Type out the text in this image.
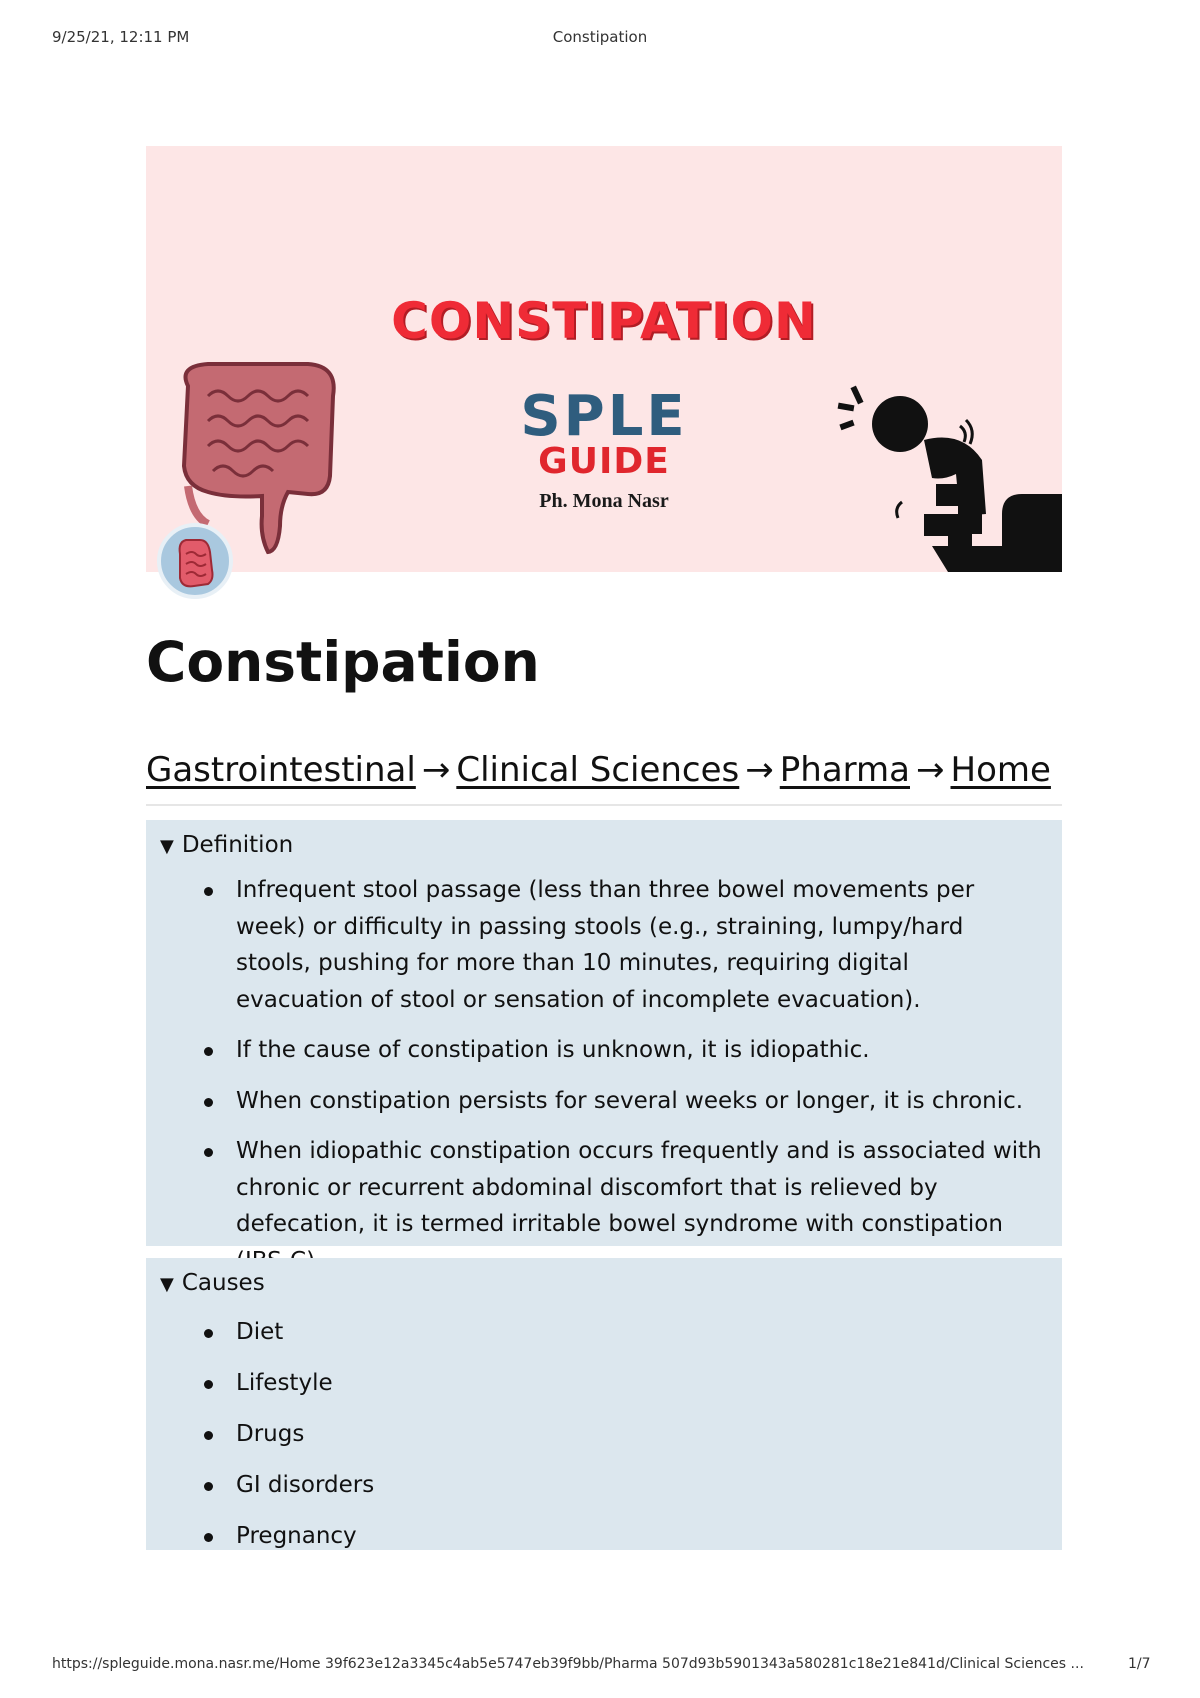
9/25/21, 12:11 PM	Constipation
CONSTIPATION
SPLE
GUIDE
Ph. Mona Nasr
Constipation
Gastrointestinal → Clinical Sciences → Pharma → Home
▼ Definition
Infrequent stool passage (less than three bowel movements per week) or difficulty in passing stools (e.g., straining, lumpy/hard stools, pushing for more than 10 minutes, requiring digital evacuation of stool or sensation of incomplete evacuation).
If the cause of constipation is unknown, it is idiopathic.
When constipation persists for several weeks or longer, it is chronic.
When idiopathic constipation occurs frequently and is associated with chronic or recurrent abdominal discomfort that is relieved by defecation, it is termed irritable bowel syndrome with constipation
▼ Causes
Diet
Lifestyle
Drugs
GI disorders
Pregnancy
https://spleguide.mona.nasr.me/Home 39f623e12a3345c4ab5e5747eb39f9bb/Pharma 507d93b5901343a580281c18e21e841d/Clinical Sciences ...	1/7
